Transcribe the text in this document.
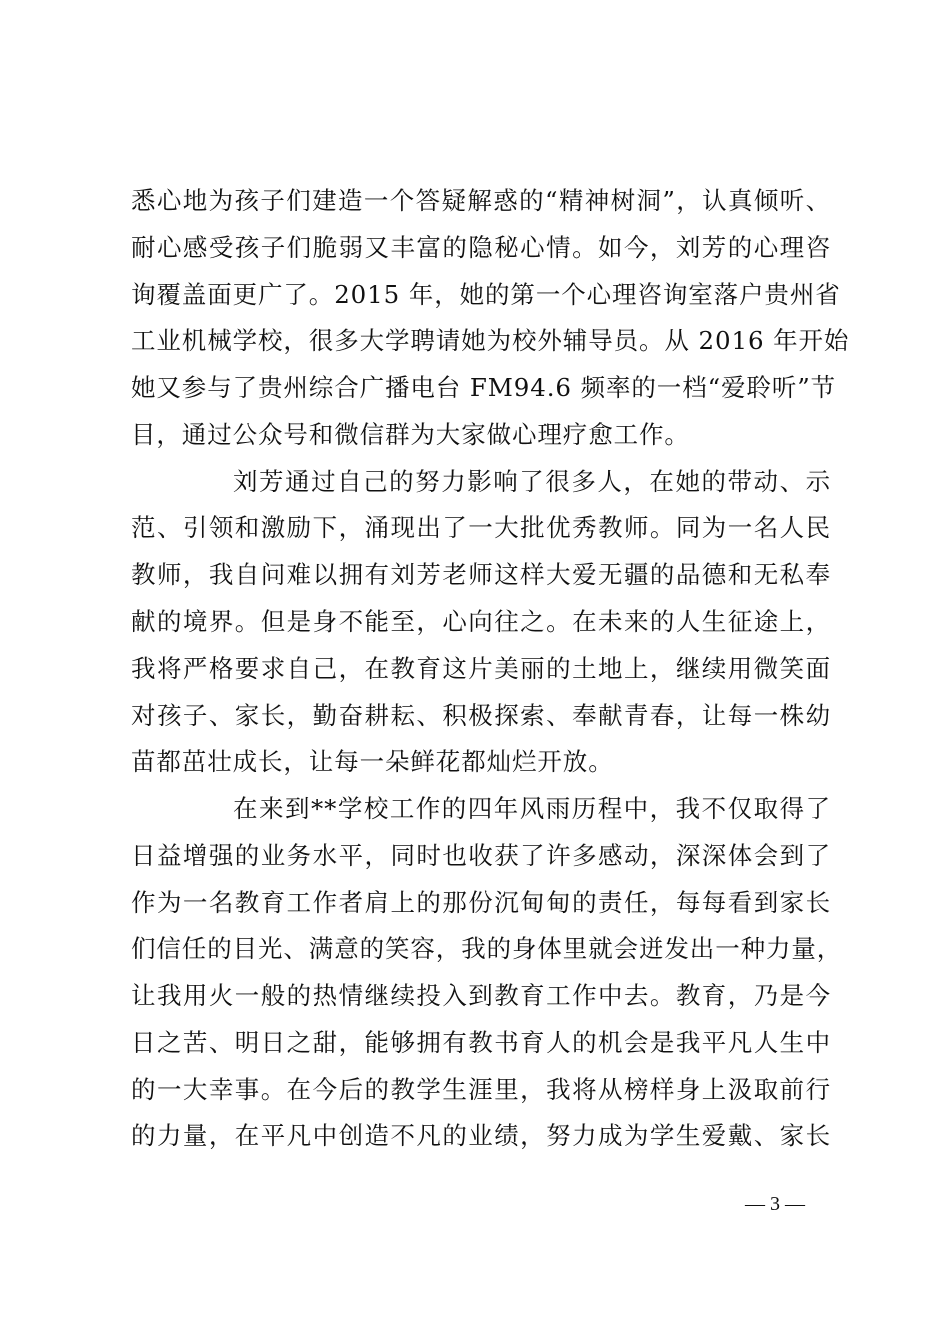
悉心地为孩子们建造一个答疑解惑的“精神树洞”，认真倾听、
耐心感受孩子们脆弱又丰富的隐秘心情。如今，刘芳的心理咨
询覆盖面更广了。2015 年，她的第一个心理咨询室落户贵州省
工业机械学校，很多大学聘请她为校外辅导员。从 2016 年开始
她又参与了贵州综合广播电台 FM94.6 频率的一档“爱聆听”节
目，通过公众号和微信群为大家做心理疗愈工作。
刘芳通过自己的努力影响了很多人，在她的带动、示
范、引领和激励下，涌现出了一大批优秀教师。同为一名人民
教师，我自问难以拥有刘芳老师这样大爱无疆的品德和无私奉
献的境界。但是身不能至，心向往之。在未来的人生征途上，
我将严格要求自己，在教育这片美丽的土地上，继续用微笑面
对孩子、家长，勤奋耕耘、积极探索、奉献青春，让每一株幼
苗都茁壮成长，让每一朵鲜花都灿烂开放。
在来到**学校工作的四年风雨历程中，我不仅取得了
日益增强的业务水平，同时也收获了许多感动，深深体会到了
作为一名教育工作者肩上的那份沉甸甸的责任，每每看到家长
们信任的目光、满意的笑容，我的身体里就会迸发出一种力量，
让我用火一般的热情继续投入到教育工作中去。教育，乃是今
日之苦、明日之甜，能够拥有教书育人的机会是我平凡人生中
的一大幸事。在今后的教学生涯里，我将从榜样身上汲取前行
的力量，在平凡中创造不凡的业绩，努力成为学生爱戴、家长
— 3 —
